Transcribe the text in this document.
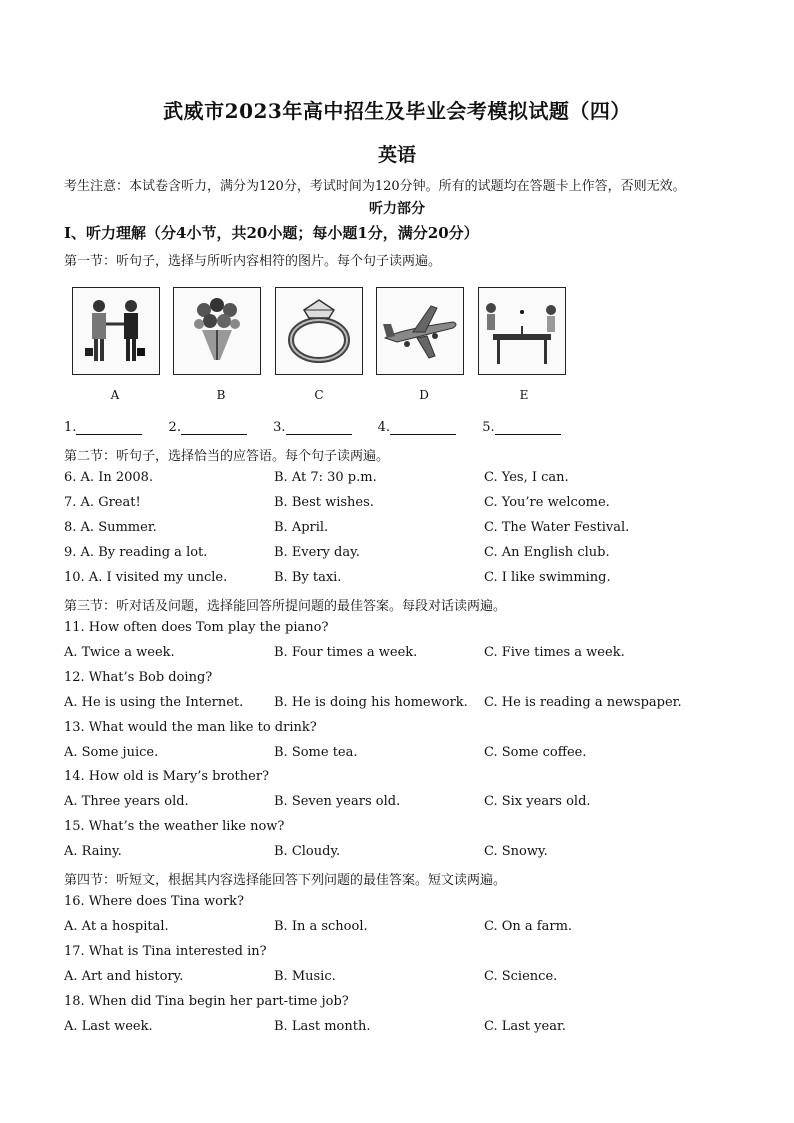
武威市2023年高中招生及毕业会考模拟试题（四）
英语
考生注意：本试卷含听力，满分为120分，考试时间为120分钟。所有的试题均在答题卡上作答，否则无效。
听力部分
Ⅰ、听力理解（分4小节，共20小题；每小题1分，满分20分）
第一节：听句子，选择与所听内容相符的图片。每个句子读两遍。
A	B	C	D	E
1.	2.	3.	4.	5.
第二节：听句子，选择恰当的应答语。每个句子读两遍。
6. A. In 2008.	B. At 7: 30 p.m.	C. Yes, I can.
7. A. Great!	B. Best wishes.	C. You’re welcome.
8. A. Summer.	B. April.	C. The Water Festival.
9. A. By reading a lot.	B. Every day.	C. An English club.
10. A. I visited my uncle.	B. By taxi.	C. I like swimming.
第三节：听对话及问题，选择能回答所提问题的最佳答案。每段对话读两遍。
11. How often does Tom play the piano?
A. Twice a week.	B. Four times a week.	C. Five times a week.
12. What’s Bob doing?
A. He is using the Internet. B. He is doing his homework. C. He is reading a newspaper.
13. What would the man like to drink?
A. Some juice.	B. Some tea.	C. Some coffee.
14. How old is Mary’s brother?
A. Three years old.	B. Seven years old.	C. Six years old.
15. What’s the weather like now?
A. Rainy.	B. Cloudy.	C. Snowy.
第四节：听短文，根据其内容选择能回答下列问题的最佳答案。短文读两遍。
16. Where does Tina work?
A. At a hospital.	B. In a school.	C. On a farm.
17. What is Tina interested in?
A. Art and history.	B. Music.	C. Science.
18. When did Tina begin her part-time job?
A. Last week.	B. Last month.	C. Last year.
